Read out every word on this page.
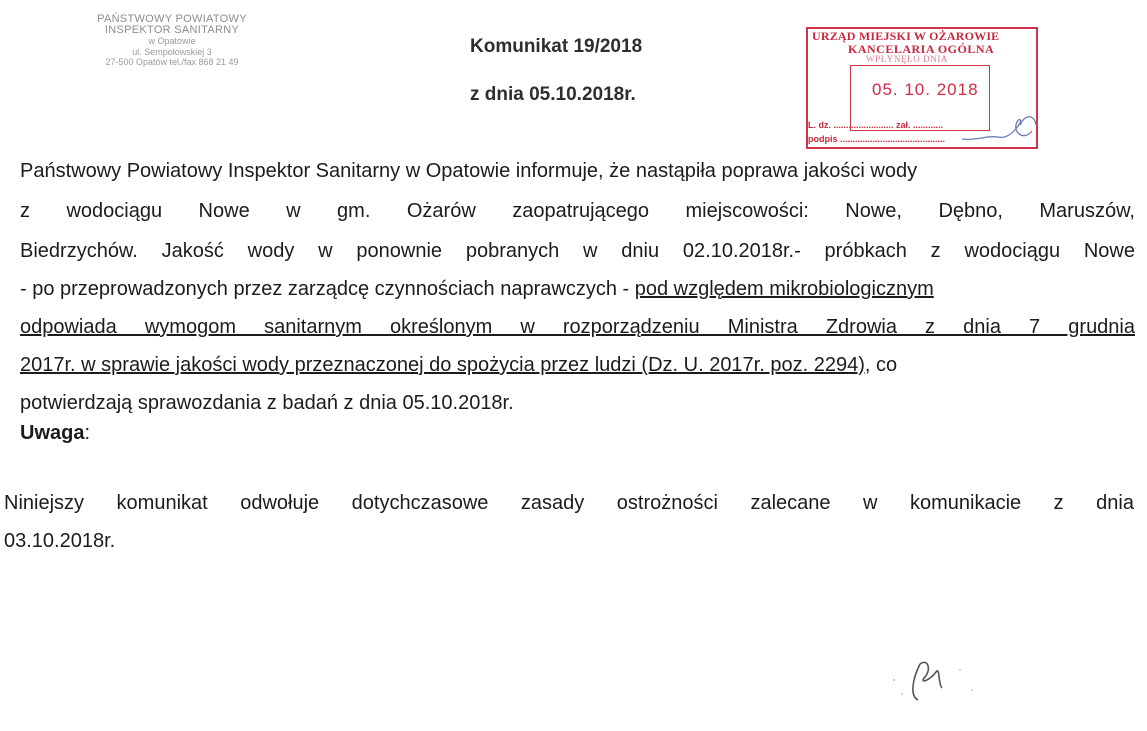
PAŃSTWOWY POWIATOWY
INSPEKTOR SANITARNY
w Opatowie
ul. Sempołowskiej 3
27-500 Opatów tel./fax 868 21 49
Komunikat 19/2018
z dnia 05.10.2018r.
URZĄD MIEJSKI W OŻAROWIE
KANCELARIA OGÓLNA
WPŁYNĘŁO DNIA
05. 10. 2018
L. dz. ........................ zał. ............
podpis ..........................................
Państwowy Powiatowy Inspektor Sanitarny w Opatowie informuje, że nastąpiła poprawa jakości wody
z wodociągu Nowe w gm. Ożarów zaopatrującego miejscowości: Nowe, Dębno, Maruszów,
Biedrzychów. Jakość wody w ponownie pobranych w dniu 02.10.2018r.- próbkach z wodociągu Nowe
- po przeprowadzonych przez zarządcę czynnościach naprawczych - pod względem mikrobiologicznym
odpowiada wymogom sanitarnym określonym w rozporządzeniu Ministra Zdrowia z dnia 7 grudnia
2017r. w sprawie jakości wody przeznaczonej do spożycia przez ludzi (Dz. U. 2017r. poz. 2294), co
potwierdzają sprawozdania z badań z dnia 05.10.2018r.
Uwaga:
Niniejszy komunikat odwołuje dotychczasowe zasady ostrożności zalecane w komunikacie z dnia
03.10.2018r.
